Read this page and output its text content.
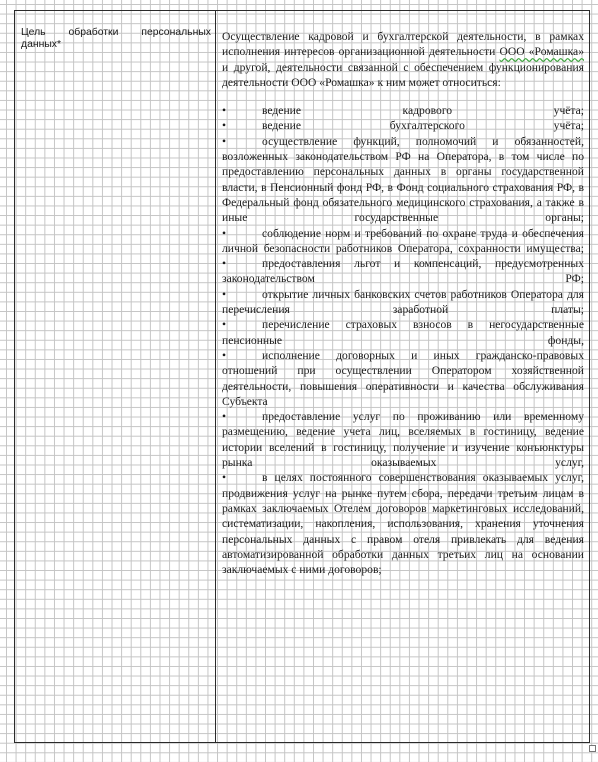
Цель обработки персональных данных*

Осуществление кадровой и бухгалтерской деятельности, в рамках исполнения интересов организационной деятельности ООО «Ромашка» и другой, деятельности связанной с обеспечением функционирования деятельности ООО «Ромашка» к ним может относиться:

•	ведение кадрового учёта;
•	ведение бухгалтерского учёта;
•	осуществление функций, полномочий и обязанностей, возложенных законодательством РФ на Оператора, в том числе по предоставлению персональных данных в органы государственной власти, в Пенсионный фонд РФ, в Фонд социального страхования РФ, в Федеральный фонд обязательного медицинского страхования, а также в иные государственные органы;
•	соблюдение норм и требований по охране труда и обеспечения личной безопасности работников Оператора, сохранности имущества;
•	предоставления льгот и компенсаций, предусмотренных законодательством РФ;
•	открытие личных банковских счетов работников Оператора для перечисления заработной платы;
•	перечисление страховых взносов в негосударственные пенсионные фонды,
•	исполнение договорных и иных гражданско-правовых отношений при осуществлении Оператором хозяйственной деятельности, повышения оперативности и качества обслуживания Субъекта
•	предоставление услуг по проживанию или временному размещению, ведение учета лиц, вселяемых в гостиницу, ведение истории вселений в гостиницу, получение и изучение конъюнктуры рынка оказываемых услуг,
•	в целях постоянного совершенствования оказываемых услуг, продвижения услуг на рынке путем сбора, передачи третьим лицам в рамках заключаемых Отелем договоров маркетинговых исследований, систематизации, накопления, использования, хранения уточнения персональных данных с правом отеля привлекать для ведения автоматизированной обработки данных третьих лиц на основании заключаемых с ними договоров;
